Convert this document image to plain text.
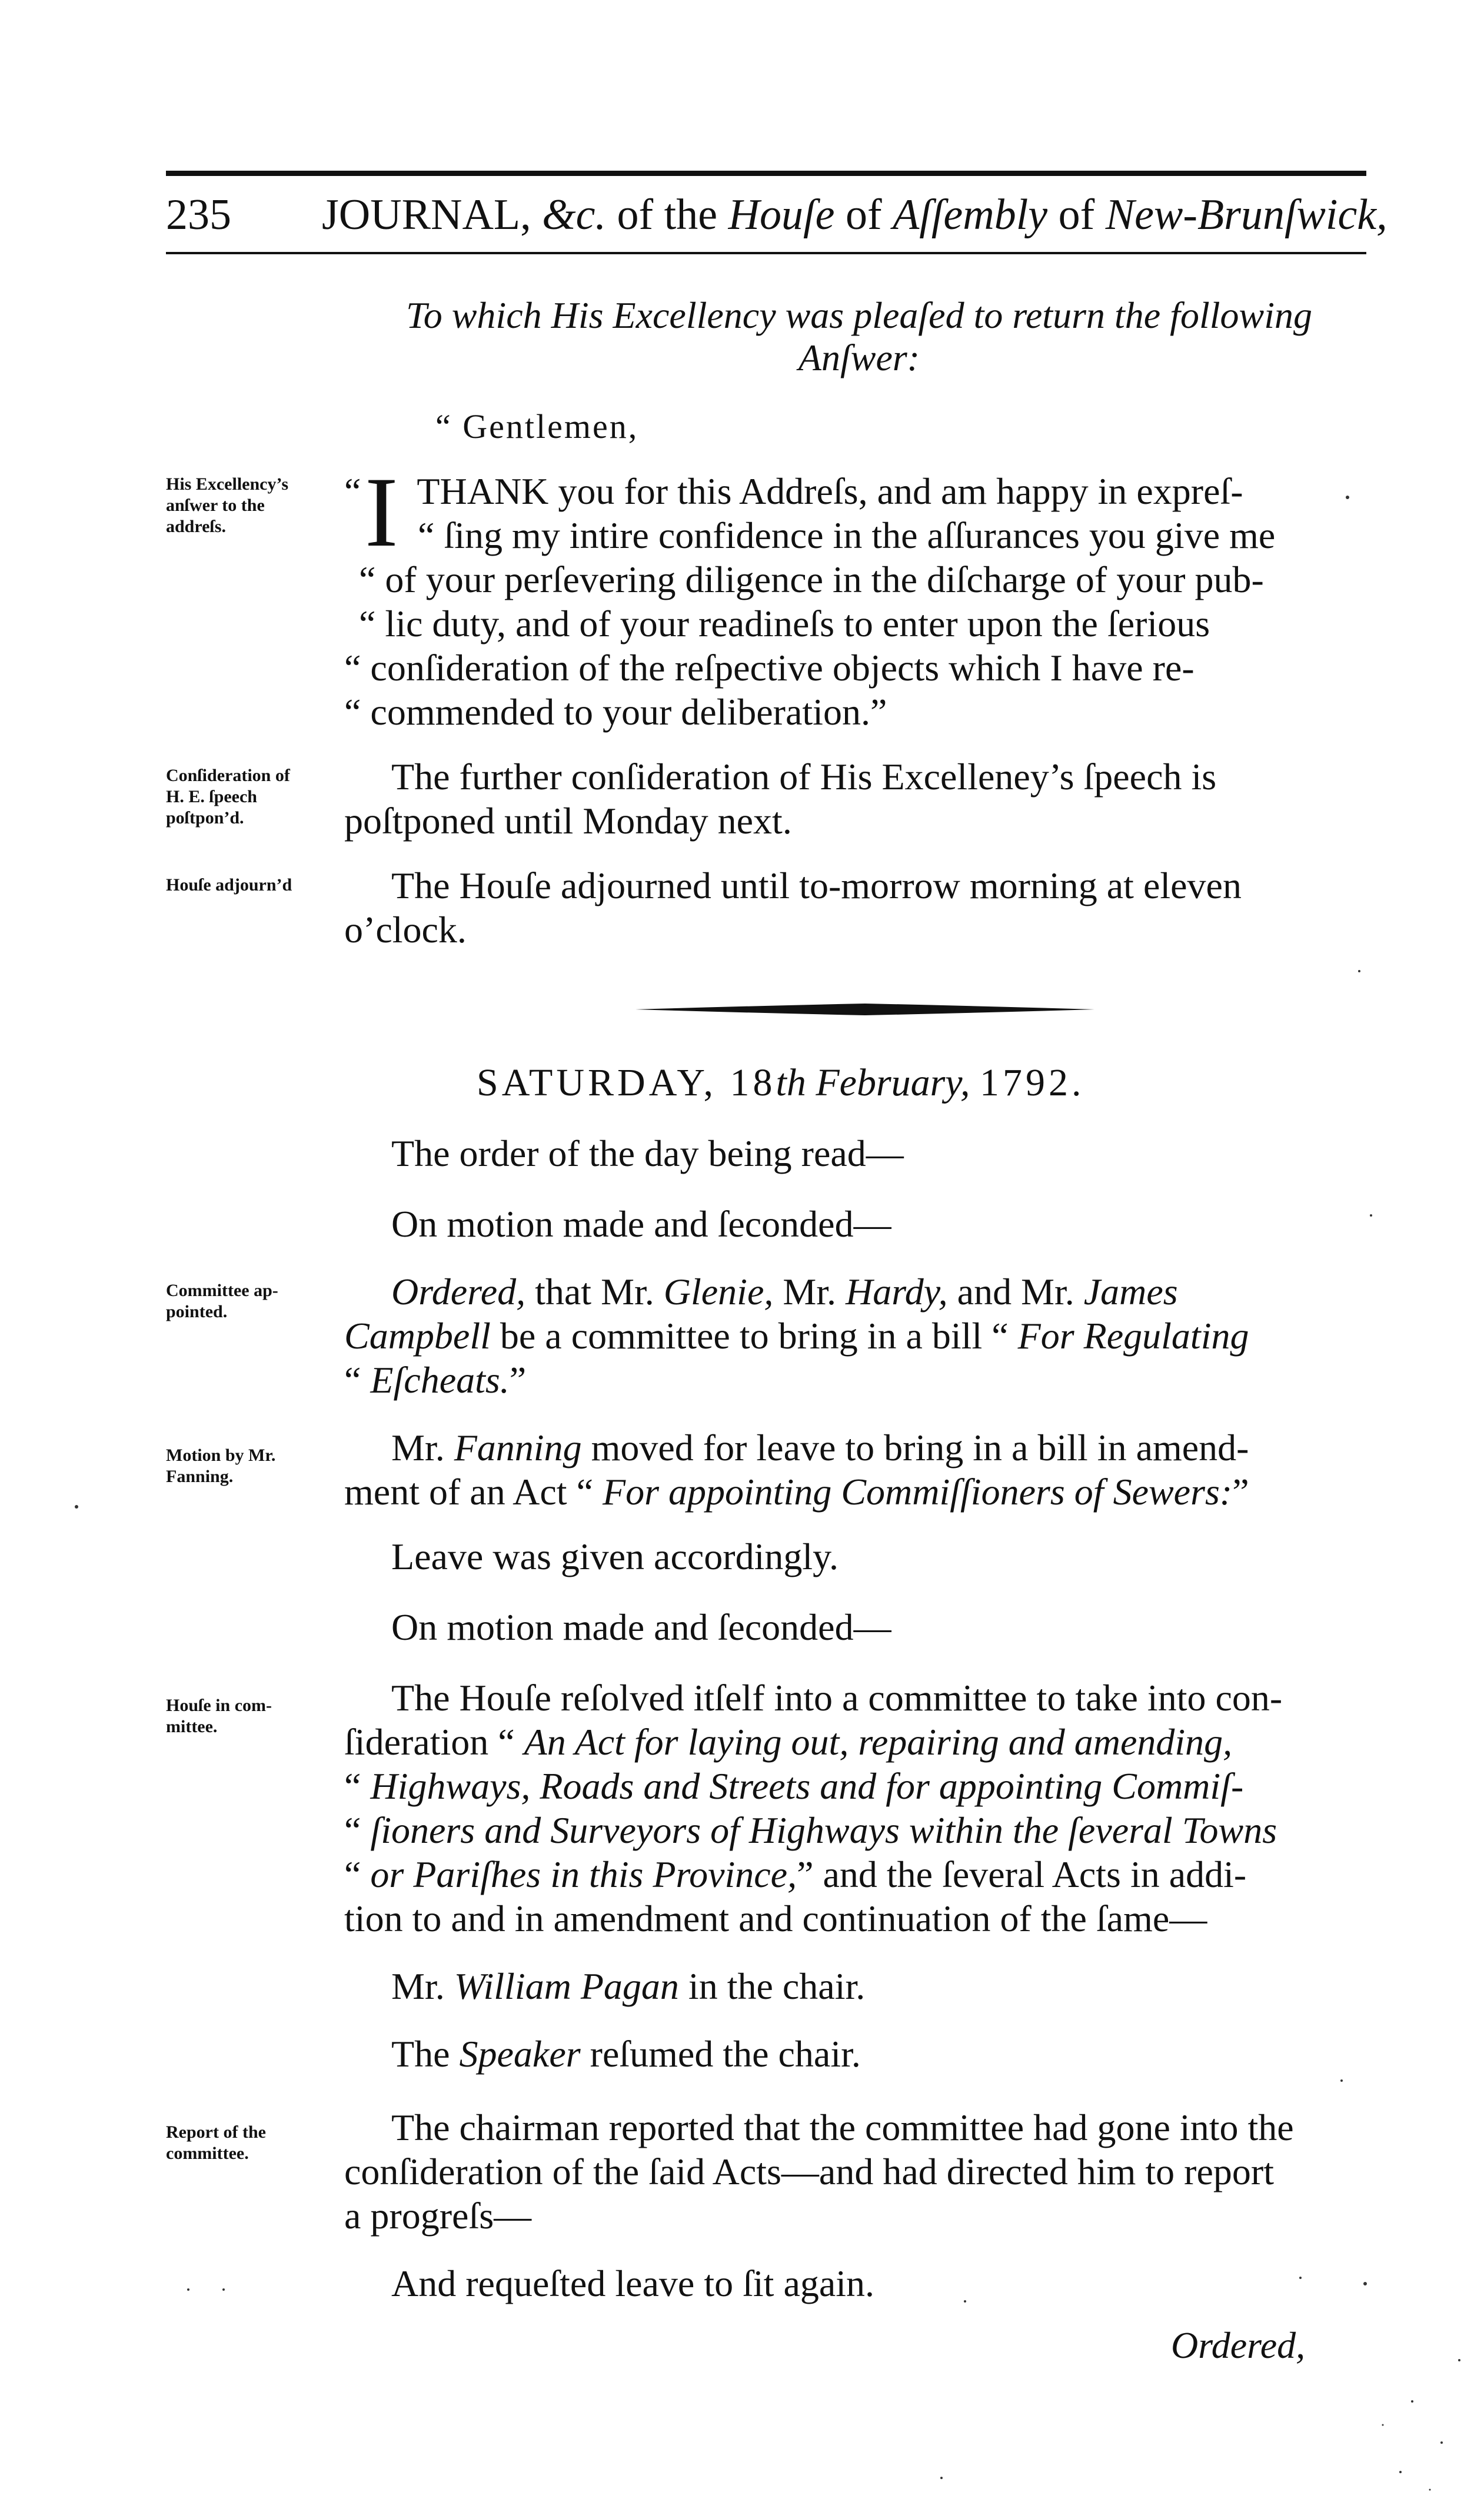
235 JOURNAL, &c. of the Houſe of Aſſembly of New-Brunſwick,
To which His Excellency was pleaſed to return the following
Anſwer:
“ Gentlemen,
His Excellency’s
anſwer to the
addreſs.	I
“ THANK you for this Addreſs, and am happy in expreſ-
“ ſing my intire confidence in the aſſurances you give me
“ of your perſevering diligence in the diſcharge of your pub-
“ lic duty, and of your readineſs to enter upon the ſerious
“ conſideration of the reſpective objects which I have re-
“ commended to your deliberation.”
Conſideration of
H. E. ſpeech
poſtpon’d.
The further conſideration of His Excelleney’s ſpeech is
poſtponed until Monday next.
Houſe adjourn’d	The Houſe adjourned until to-morrow morning at eleven
o’clock.
SATURDAY, 18th February, 1792.
The order of the day being read—
On motion made and ſeconded—
Committee ap-
pointed.	Ordered, that Mr. Glenie, Mr. Hardy, and Mr. James
Campbell be a committee to bring in a bill “ For Regulating
“ Eſcheats.”
Motion by Mr.
Fanning.
Mr. Fanning moved for leave to bring in a bill in amend-
ment of an Act “ For appointing Commiſſioners of Sewers:”
Leave was given accordingly.
On motion made and ſeconded—
Houſe in com-
mittee.
The Houſe reſolved itſelf into a committee to take into con-
ſideration “ An Act for laying out, repairing and amending,
“ Highways, Roads and Streets and for appointing Commiſ-
“ ſioners and Surveyors of Highways within the ſeveral Towns
“ or Pariſhes in this Province,” and the ſeveral Acts in addi-
tion to and in amendment and continuation of the ſame—
Mr. William Pagan in the chair.
The Speaker reſumed the chair.
Report of the
committee.
The chairman reported that the committee had gone into the
conſideration of the ſaid Acts—and had directed him to report
a progreſs—
And requeſted leave to ſit again.
Ordered,
